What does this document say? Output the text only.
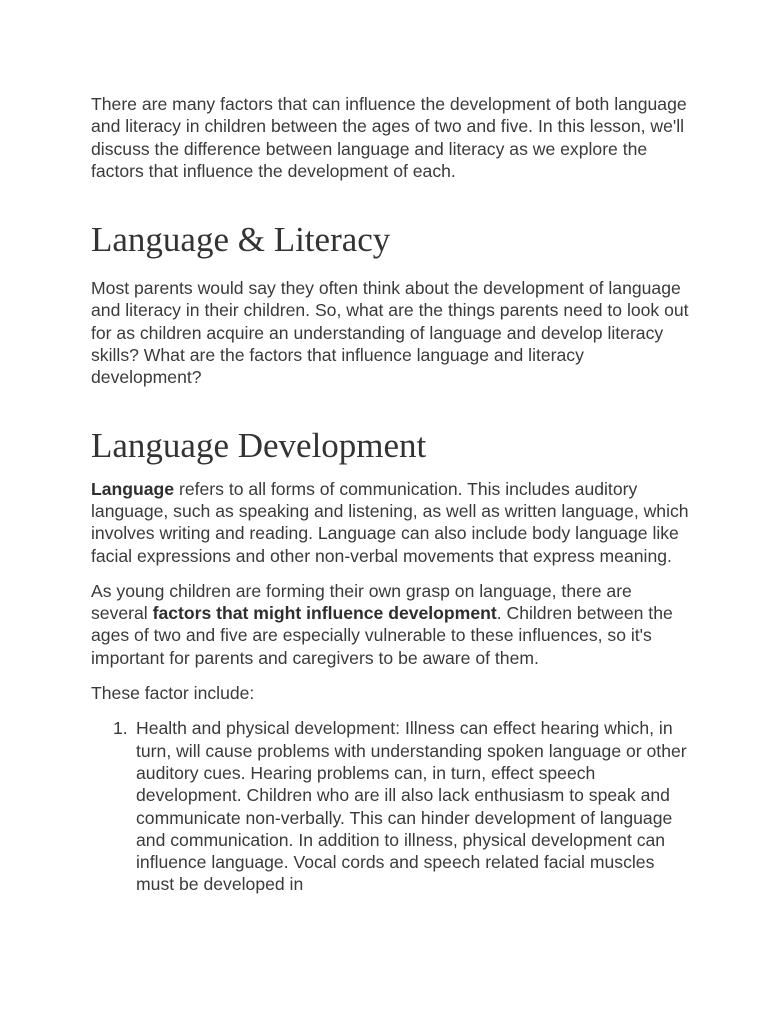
There are many factors that can influence the development of both language and literacy in children between the ages of two and five. In this lesson, we'll discuss the difference between language and literacy as we explore the factors that influence the development of each.

Language & Literacy

Most parents would say they often think about the development of language and literacy in their children. So, what are the things parents need to look out for as children acquire an understanding of language and develop literacy skills? What are the factors that influence language and literacy development?

Language Development

Language refers to all forms of communication. This includes auditory language, such as speaking and listening, as well as written language, which involves writing and reading. Language can also include body language like facial expressions and other non-verbal movements that express meaning.

As young children are forming their own grasp on language, there are several factors that might influence development. Children between the ages of two and five are especially vulnerable to these influences, so it's important for parents and caregivers to be aware of them.

These factor include:

1. Health and physical development: Illness can effect hearing which, in turn, will cause problems with understanding spoken language or other auditory cues. Hearing problems can, in turn, effect speech development. Children who are ill also lack enthusiasm to speak and communicate non-verbally. This can hinder development of language and communication. In addition to illness, physical development can influence language. Vocal cords and speech related facial muscles must be developed in
